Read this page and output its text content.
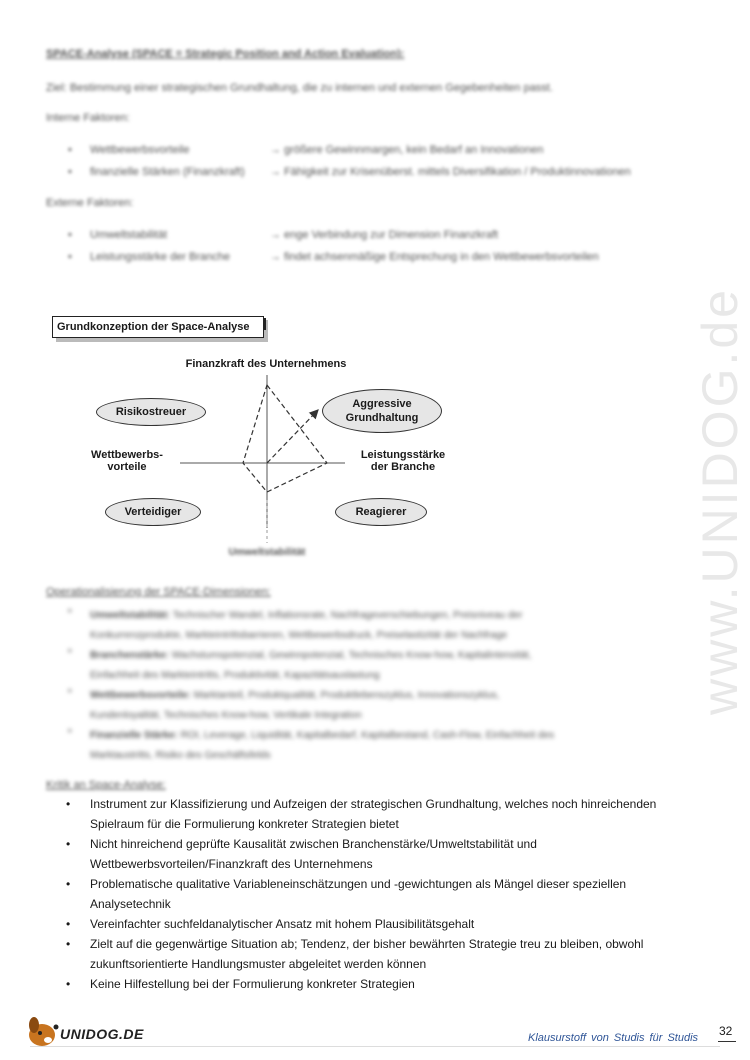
www.UNIDOG.de
SPACE-Analyse (SPACE = Strategic Position and Action Evaluation):
Ziel: Bestimmung einer strategischen Grundhaltung, die zu internen und externen Gegebenheiten passt.
Interne Faktoren:
• Wettbewerbsvorteile	→ größere Gewinnmargen, kein Bedarf an Innovationen
• finanzielle Stärken (Finanzkraft) → Fähigkeit zur Krisenüberst. mittels Diversifikation / Produktinnovationen
Externe Faktoren:
• Umweltstabilität	→ enge Verbindung zur Dimension Finanzkraft
• Leistungsstärke der Branche	→ findet achsenmäßige Entsprechung in den Wettbewerbsvorteilen
Grundkonzeption der Space-Analyse
Finanzkraft des Unternehmens
Wettbewerbs-
vorteile
Leistungsstärke
der Branche
Umweltstabilität
Risikostreuer
Aggressive
Grundhaltung
Verteidiger	Reagierer
Operationalisierung der SPACE-Dimensionen:
• Umweltstabilität: Technischer Wandel, Inflationsrate, Nachfrageverschiebungen, Preisniveau der
Konkurrenzprodukte, Markteintrittsbarrieren, Wettbewerbsdruck, Preiselastizität der Nachfrage
• Branchenstärke: Wachstumspotenzial, Gewinnpotenzial, Technisches Know-how, Kapitalintensität,
Einfachheit des Markteintritts, Produktivität, Kapazitätsauslastung
• Wettbewerbsvorteile: Marktanteil, Produktqualität, Produktlebenszyklus, Innovationszyklus,
Kundenloyalität, Technisches Know-how, Vertikale Integration
• Finanzielle Stärke: ROI, Leverage, Liquidität, Kapitalbedarf, Kapitalbestand, Cash-Flow, Einfachheit des
Marktaustritts, Risiko des Geschäftsfelds
Kritik an Space-Analyse:
• Instrument zur Klassifizierung und Aufzeigen der strategischen Grundhaltung, welches noch hinreichenden
Spielraum für die Formulierung konkreter Strategien bietet
• Nicht hinreichend geprüfte Kausalität zwischen Branchenstärke/Umweltstabilität und
Wettbewerbsvorteilen/Finanzkraft des Unternehmens
• Problematische qualitative Variableneinschätzungen und -gewichtungen als Mängel dieser speziellen
Analysetechnik
• Vereinfachter suchfeldanalytischer Ansatz mit hohem Plausibilitätsgehalt
• Zielt auf die gegenwärtige Situation ab; Tendenz, der bisher bewährten Strategie treu zu bleiben, obwohl
zukunftsorientierte Handlungsmuster abgeleitet werden können
• Keine Hilfestellung bei der Formulierung konkreter Strategien
UNIDOG.DE	Klausurstoff von Studis für Studis	32
